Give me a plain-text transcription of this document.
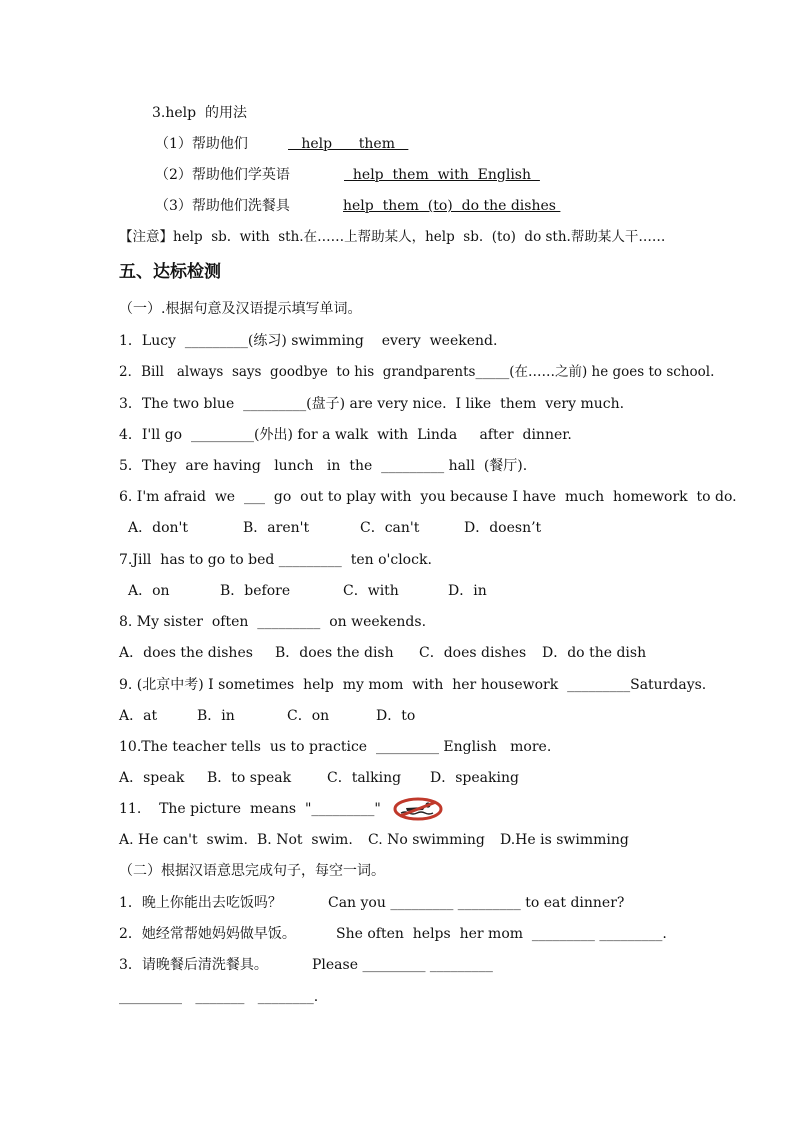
3.help  的用法
（1）帮助他们	help      them
（2）帮助他们学英语	help  them  with  English
（3）帮助他们洗餐具	help  them  (to)  do the dishes
【注意】help  sb.  with  sth.在……上帮助某人，help  sb.  (to)  do sth.帮助某人干……
五、达标检测
（一）.根据句意及汉语提示填写单词。
1．Lucy  _________(练习) swimming    every  weekend.
2．Bill   always  says  goodbye  to his  grandparents_____(在……之前) he goes to school.
3．The two blue  _________(盘子) are very nice.  I like  them  very much.
4．I'll go  _________(外出) for a walk  with  Linda     after  dinner.
5．They  are having   lunch   in  the  _________ hall  (餐厅).
6. I'm afraid  we  ___  go  out to play with  you because I have  much  homework  to do.
A．don't	B．aren't	C．can't	D．doesn’t
7.Jill  has to go to bed _________  ten o'clock.
A．on	B．before	C．with	D．in
8. My sister  often  _________  on weekends.
A．does the dishes B．does the dish C．does dishes D．do the dish
9. (北京中考) I sometimes  help  my mom  with  her housework  _________Saturdays.
A．at	B．in	C．on	D．to
10.The teacher tells  us to practice  _________ English   more.
A．speak B．to speak	C．talking D．speaking
11.    The picture  means  "_________"
A. He can't  swim. B. Not  swim. C. No swimming D.He is swimming
（二）根据汉语意思完成句子，每空一词。
1．晚上你能出去吃饭吗？	Can you _________ _________ to eat dinner?
2．她经常帮她妈妈做早饭。	She often  helps  her mom  _________ _________.
3．请晚餐后清洗餐具。	Please _________ _________
_________   _______   ________.
